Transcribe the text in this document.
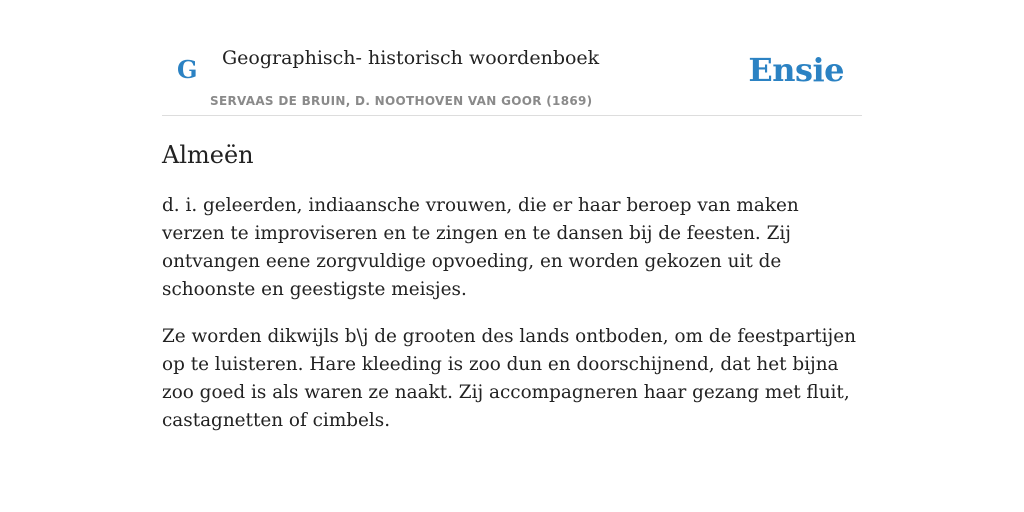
G Geographisch- historisch woordenboek
SERVAAS DE BRUIN, D. NOOTHOVEN VAN GOOR (1869)
Ensie
Almeën

d. i. geleerden, indiaansche vrouwen, die er haar beroep van maken verzen te improviseren en te zingen en te dansen bij de feesten. Zij ontvangen eene zorgvuldige opvoeding, en worden gekozen uit de schoonste en geestigste meisjes.

Ze worden dikwijls b\j de grooten des lands ontboden, om de feestpartijen op te luisteren. Hare kleeding is zoo dun en doorschijnend, dat het bijna zoo goed is als waren ze naakt. Zij accompagneren haar gezang met fluit, castagnetten of cimbels.
